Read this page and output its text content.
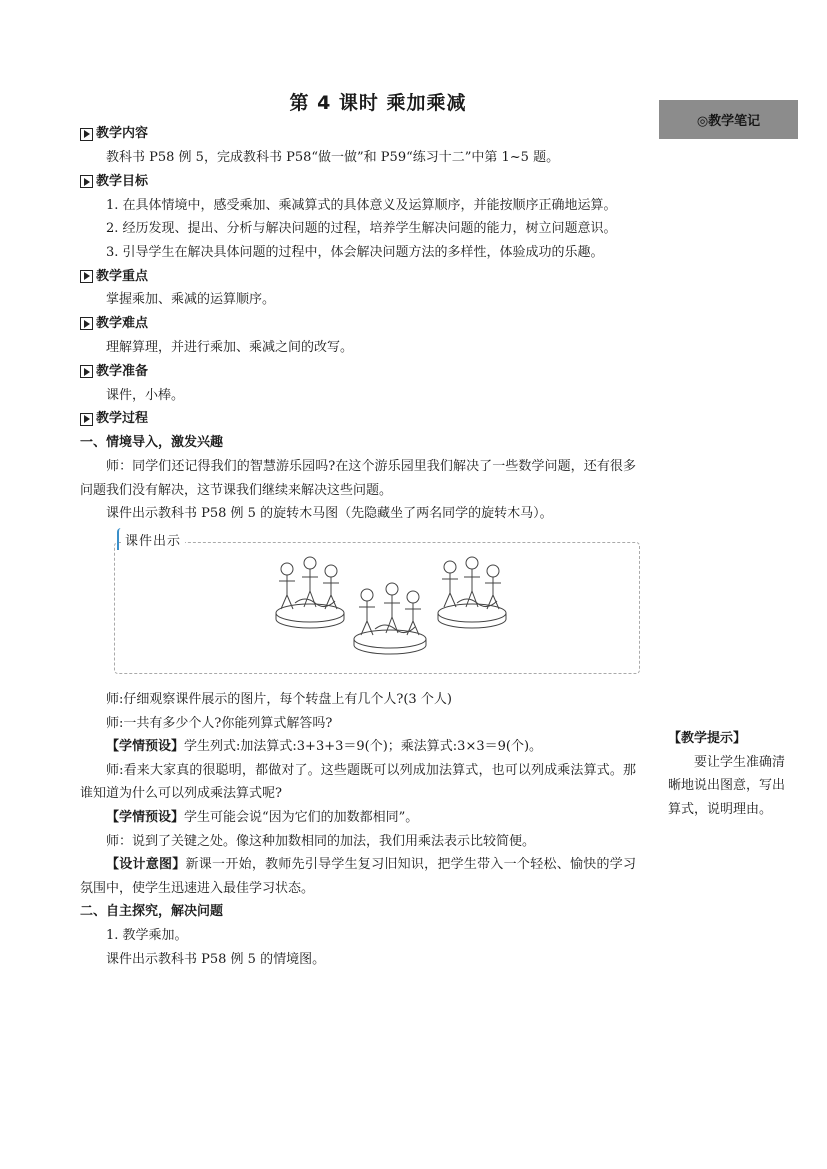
第 4 课时 乘加乘减
◎教学笔记
教学内容

教科书 P58 例 5，完成教科书 P58“做一做”和 P59“练习十二”中第 1~5 题。

教学目标

1. 在具体情境中，感受乘加、乘减算式的具体意义及运算顺序，并能按顺序正确地运算。

2. 经历发现、提出、分析与解决问题的过程，培养学生解决问题的能力，树立问题意识。

3. 引导学生在解决具体问题的过程中，体会解决问题方法的多样性，体验成功的乐趣。

教学重点

掌握乘加、乘减的运算顺序。

教学难点

理解算理，并进行乘加、乘减之间的改写。

教学准备

课件，小棒。

教学过程
一、情境导入，激发兴趣

师：同学们还记得我们的智慧游乐园吗?在这个游乐园里我们解决了一些数学问题，还有很多问题我们没有解决，这节课我们继续来解决这些问题。

课件出示教科书 P58 例 5 的旋转木马图（先隐藏坐了两名同学的旋转木马）。

课件出示

师:仔细观察课件展示的图片，每个转盘上有几个人?(3 个人)

师:一共有多少个人?你能列算式解答吗?

【学情预设】学生列式:加法算式:3+3+3＝9(个)；乘法算式:3×3＝9(个)。

师:看来大家真的很聪明，都做对了。这些题既可以列成加法算式，也可以列成乘法算式。那谁知道为什么可以列成乘法算式呢?

【学情预设】学生可能会说“因为它们的加数都相同”。

师：说到了关键之处。像这种加数相同的加法，我们用乘法表示比较简便。

【设计意图】新课一开始，教师先引导学生复习旧知识，把学生带入一个轻松、愉快的学习氛围中，使学生迅速进入最佳学习状态。

二、自主探究，解决问题

1. 教学乘加。

课件出示教科书 P58 例 5 的情境图。

【教学提示】
要让学生准确清晰地说出图意，写出算式，说明理由。
